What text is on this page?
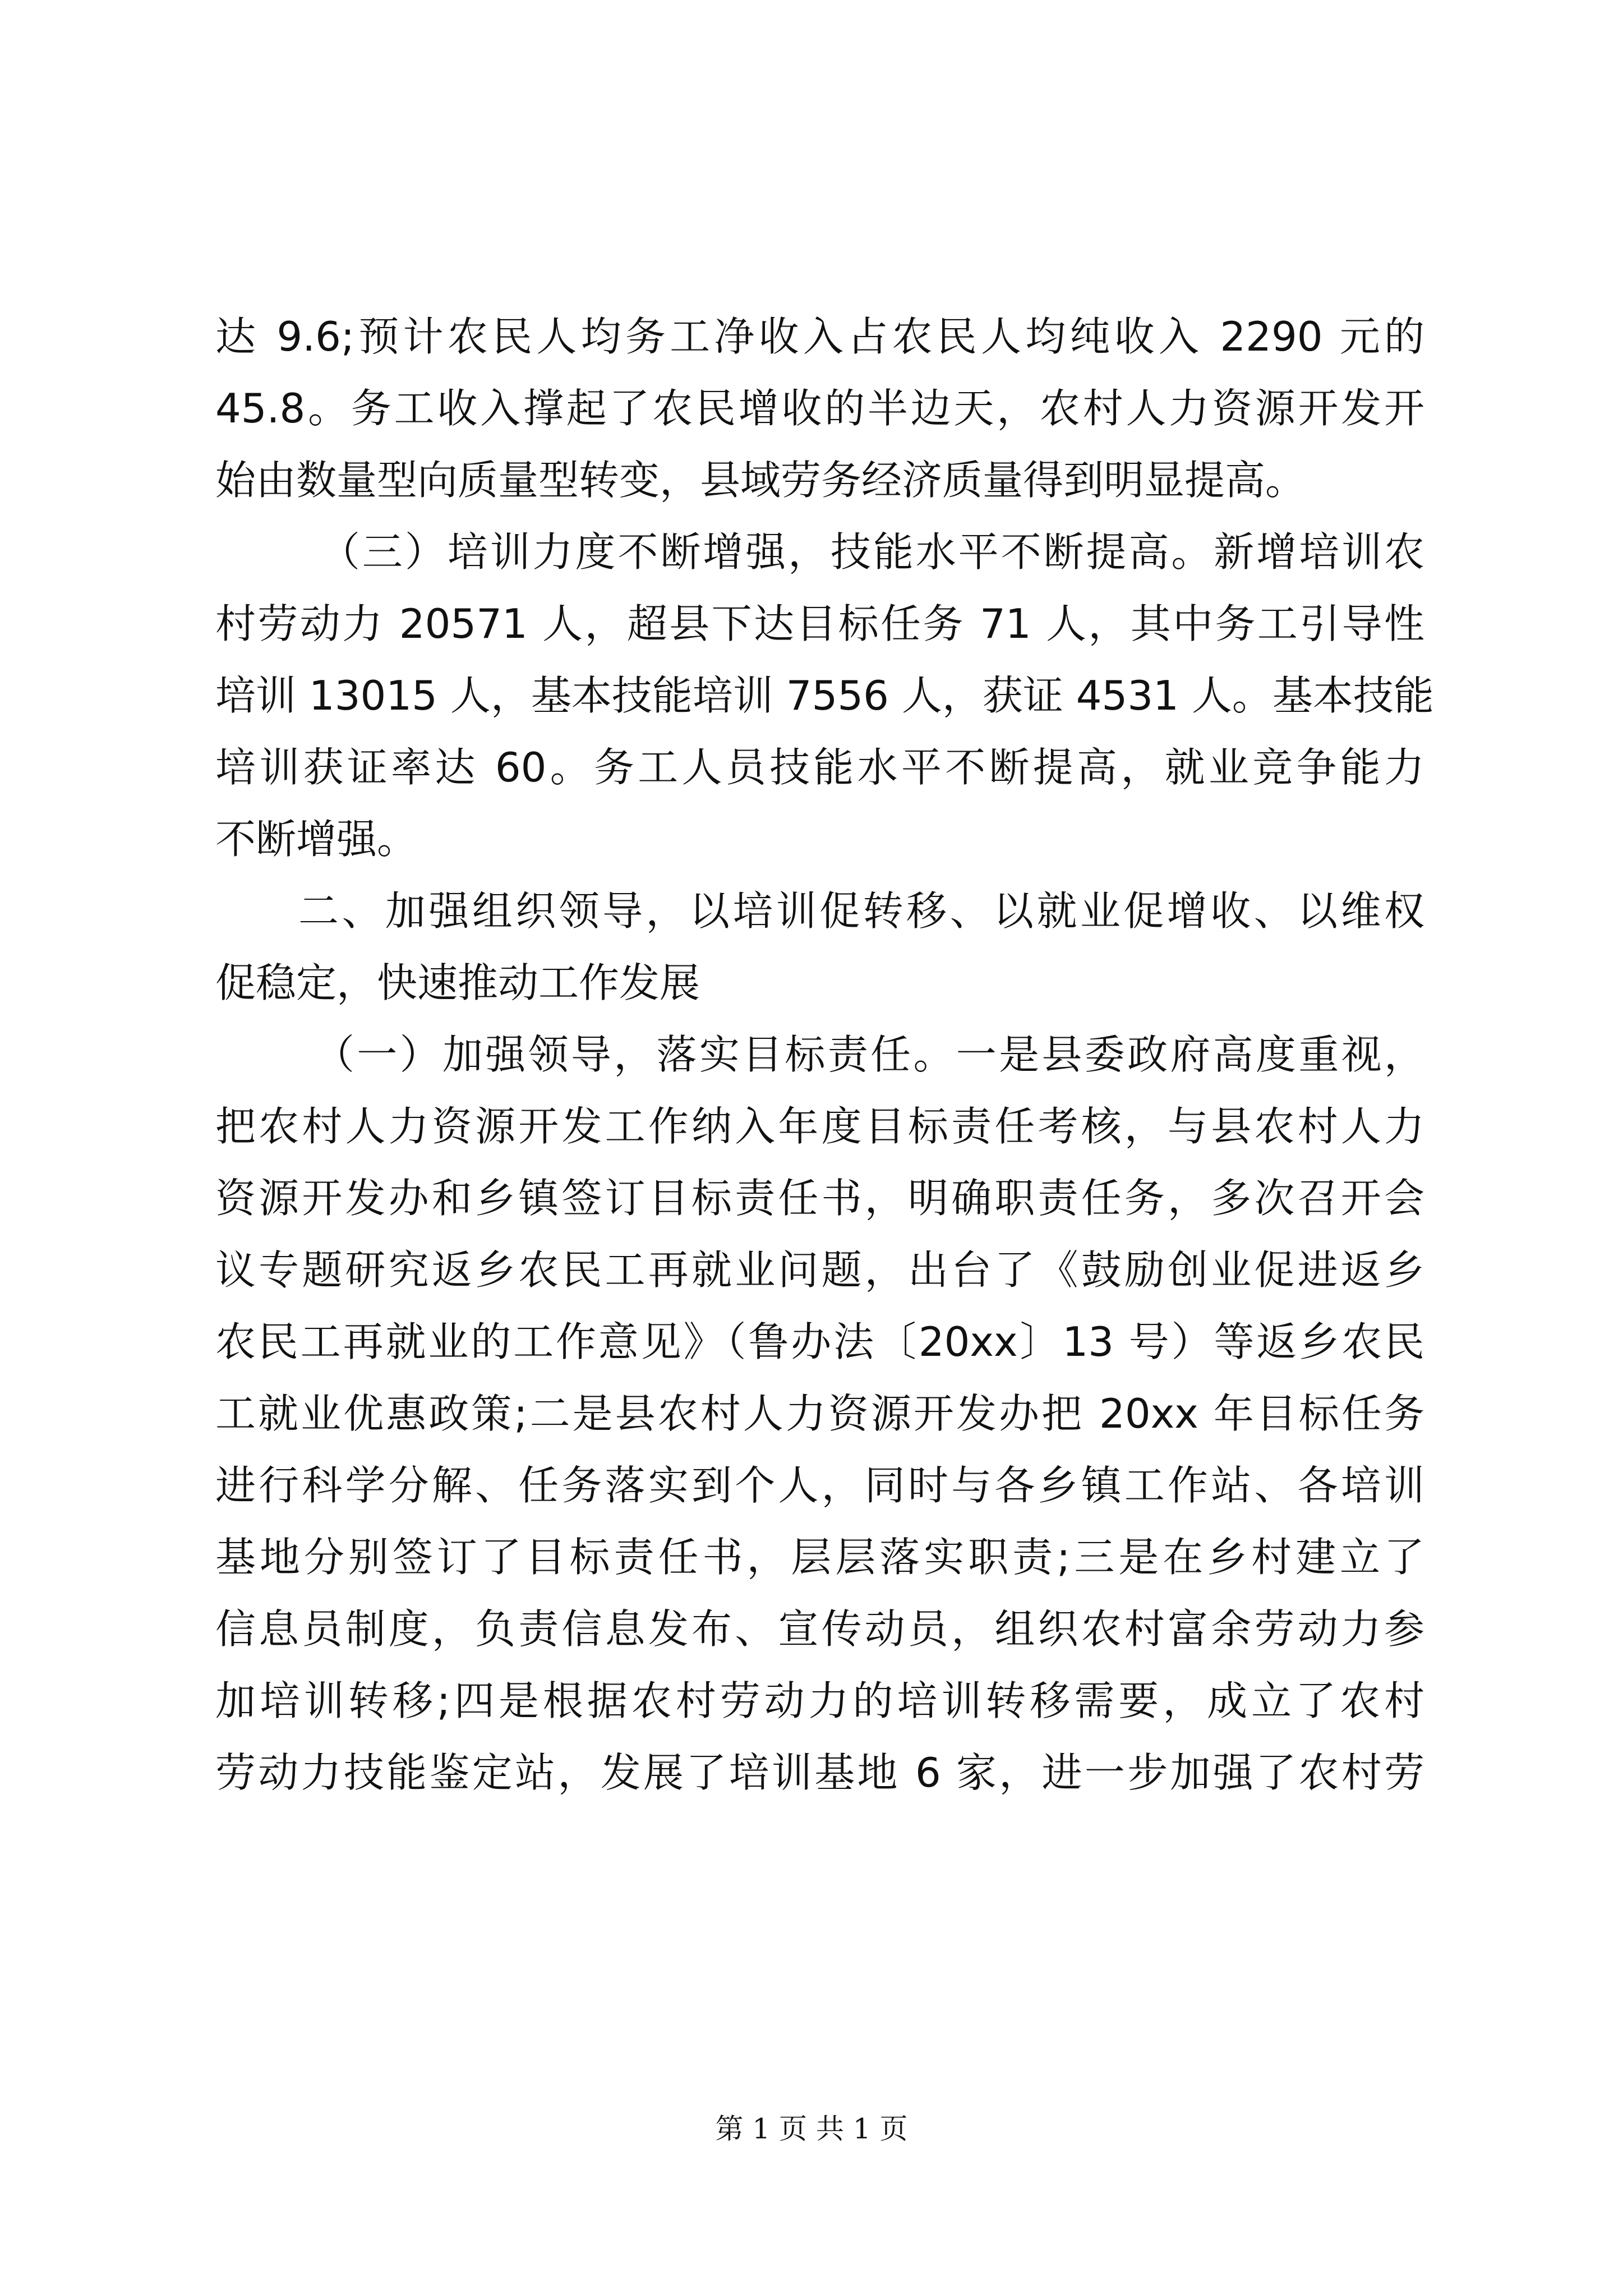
达 9.6;预计农民人均务工净收入占农民人均纯收入 2290 元的
45.8。务工收入撑起了农民增收的半边天，农村人力资源开发开
始由数量型向质量型转变，县域劳务经济质量得到明显提高。
（三）培训力度不断增强，技能水平不断提高。新增培训农
村劳动力 20571 人，超县下达目标任务 71 人，其中务工引导性
培训 13015 人，基本技能培训 7556 人，获证 4531 人。基本技能
培训获证率达 60。务工人员技能水平不断提高，就业竞争能力
不断增强。
二、加强组织领导，以培训促转移、以就业促增收、以维权
促稳定，快速推动工作发展
（一）加强领导，落实目标责任。一是县委政府高度重视，
把农村人力资源开发工作纳入年度目标责任考核，与县农村人力
资源开发办和乡镇签订目标责任书，明确职责任务，多次召开会
议专题研究返乡农民工再就业问题，出台了《鼓励创业促进返乡
农民工再就业的工作意见》（鲁办法〔20xx〕13 号）等返乡农民
工就业优惠政策;二是县农村人力资源开发办把 20xx 年目标任务
进行科学分解、任务落实到个人，同时与各乡镇工作站、各培训
基地分别签订了目标责任书，层层落实职责;三是在乡村建立了
信息员制度，负责信息发布、宣传动员，组织农村富余劳动力参
加培训转移;四是根据农村劳动力的培训转移需要，成立了农村
劳动力技能鉴定站，发展了培训基地 6 家，进一步加强了农村劳
第 1 页 共 1 页
